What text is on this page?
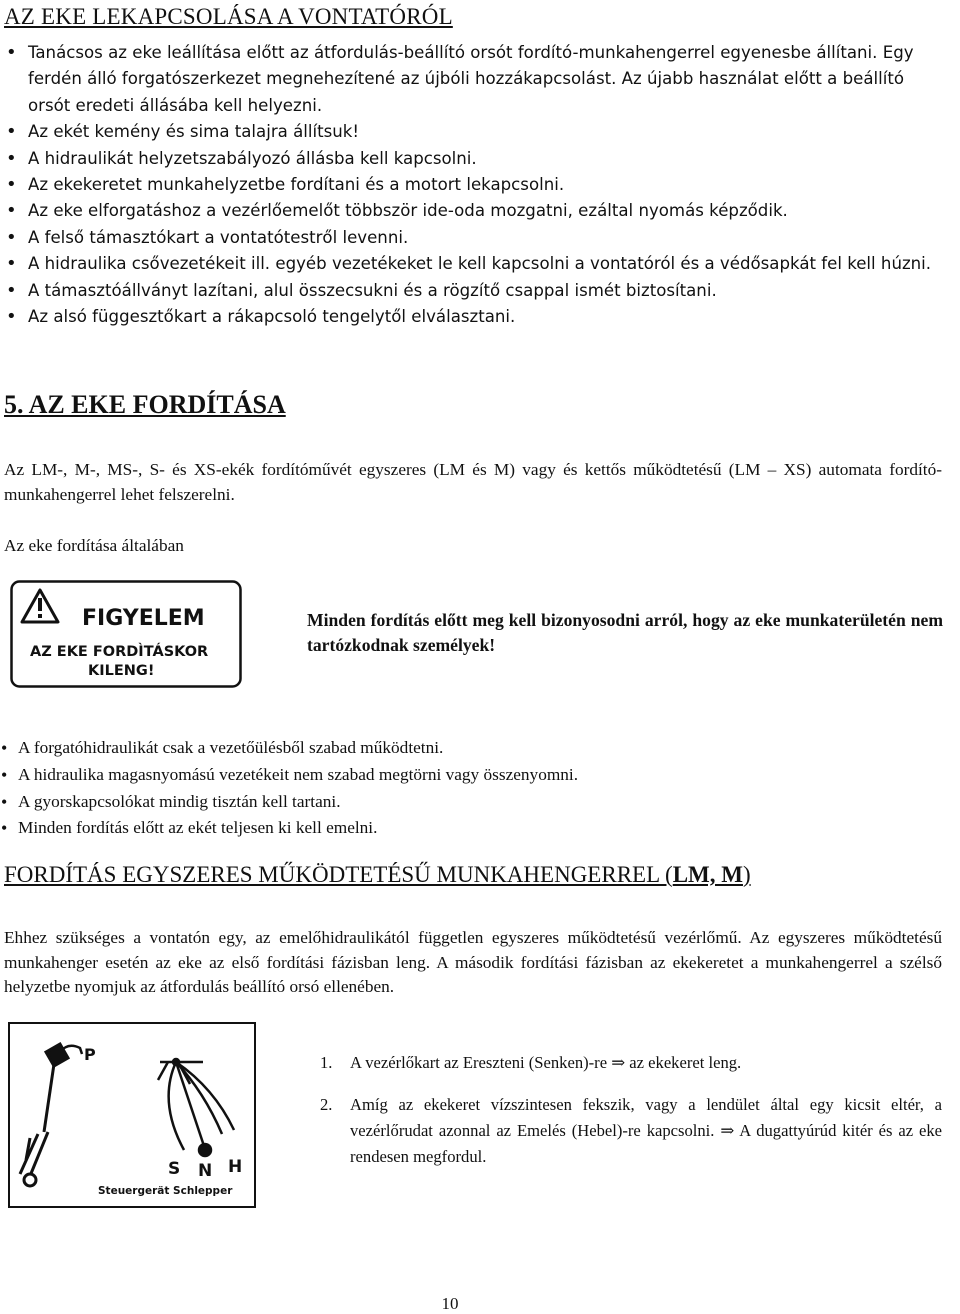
AZ EKE LEKAPCSOLÁSA A VONTATÓRÓL
• Tanácsos az eke leállítása előtt az átfordulás-beállító orsót fordító-munkahengerrel egyenesbe állítani. Egy ferdén álló forgatószerkezet megnehezítené az újbóli hozzákapcsolást. Az újabb használat előtt a beállító orsót eredeti állásába kell helyezni.
• Az ekét kemény és sima talajra állítsuk!
• A hidraulikát helyzetszabályozó állásba kell kapcsolni.
• Az ekekeretet munkahelyzetbe fordítani és a motort lekapcsolni.
• Az eke elforgatáshoz a vezérlőemelőt többször ide-oda mozgatni, ezáltal nyomás képződik.
• A felső támasztókart a vontatótestről levenni.
• A hidraulika csővezetékeit ill. egyéb vezetékeket le kell kapcsolni a vontatóról és a védősapkát fel kell húzni.
• A támasztóállványt lazítani, alul összecsukni és a rögzítő csappal ismét biztosítani.
• Az alsó függesztőkart a rákapcsoló tengelytől elválasztani.
5. AZ EKE FORDÍTÁSA

Az LM-, M-, MS-, S- és XS-ekék fordítóművét egyszeres (LM és M) vagy és kettős működtetésű (LM – XS) automata fordító-munkahengerrel lehet felszerelni.

Az eke fordítása általában

FIGYELEM
AZ EKE FORDÌTÁSKOR
KILENG!

Minden fordítás előtt meg kell bizonyosodni arról, hogy az eke munkaterületén nem tartózkodnak személyek!

• A forgatóhidraulikát csak a vezetőülésből szabad működtetni.
• A hidraulika magasnyomású vezetékeit nem szabad megtörni vagy összenyomni.
• A gyorskapcsolókat mindig tisztán kell tartani.
• Minden fordítás előtt az ekét teljesen ki kell emelni.
FORDÍTÁS EGYSZERES MŰKÖDTETÉSŰ MUNKAHENGERREL (LM, M)

Ehhez szükséges a vontatón egy, az emelőhidraulikától független egyszeres működtetésű vezérlőmű. Az egyszeres működtetésű munkahenger esetén az eke az első fordítási fázisban leng. A második fordítási fázisban az ekekeretet a munkahengerrel a szélső helyzetbe nyomjuk az átfordulás beállító orsó ellenében.

P
S N H
Steuergerät Schlepper

1. A vezérlőkart az Ereszteni (Senken)-re ⇒ az ekekeret leng.

2. Amíg az ekekeret vízszintesen fekszik, vagy a lendület által egy kicsit eltér, a vezérlőrudat azonnal az Emelés (Hebel)-re kapcsolni. ⇒ A dugattyúrúd kitér és az eke rendesen megfordul.

10
